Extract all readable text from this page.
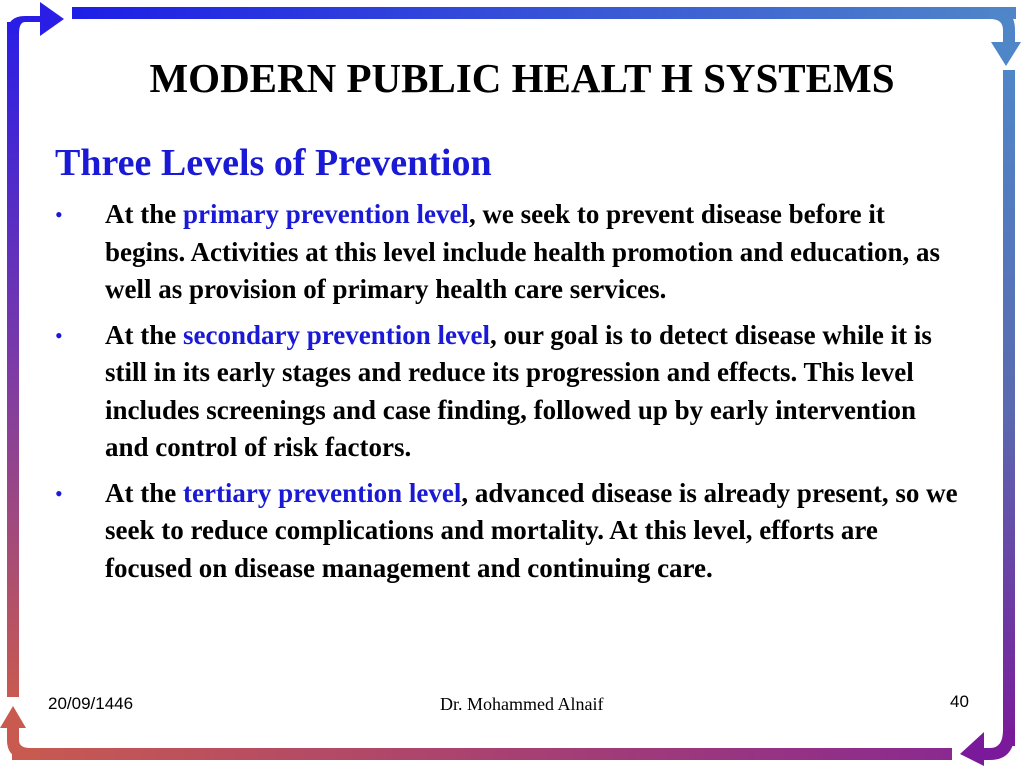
MODERN PUBLIC HEALT H SYSTEMS
Three Levels of Prevention
• At the primary prevention level, we seek to prevent disease before it begins. Activities at this level include health promotion and education, as well as provision of primary health care services.
• At the secondary prevention level, our goal is to detect disease while it is still in its early stages and reduce its progression and effects. This level includes screenings and case finding, followed up by early intervention and control of risk factors.
• At the tertiary prevention level, advanced disease is already present, so we seek to reduce complications and mortality. At this level, efforts are focused on disease management and continuing care.
20/09/1446	Dr. Mohammed Alnaif	40
